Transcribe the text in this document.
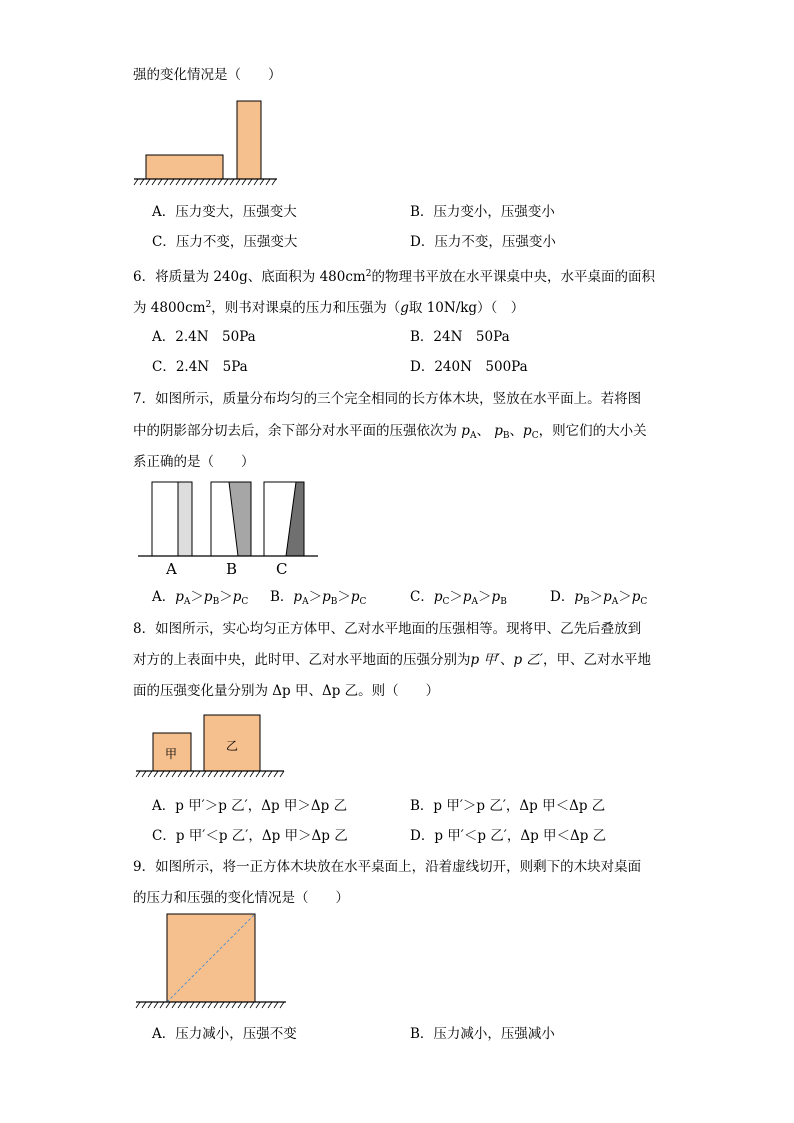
强的变化情况是（　　）
A．压力变大，压强变大	B．压力变小，压强变小
C．压力不变，压强变大	D．压力不变，压强变小
6．将质量为 240g、底面积为 $480cm^2$的物理书平放在水平课桌中央，水平桌面的面积
为 $4800cm^2$，则书对课桌的压力和压强为（g取 10N/kg）（　）
A．2.4N　50Pa	B．24N　50Pa
C．2.4N　5Pa	D．240N　500Pa
7．如图所示，质量分布均匀的三个完全相同的长方体木块，竖放在水平面上。若将图
中的阴影部分切去后，余下部分对水平面的压强依次为 $p_A$、 $p_B$、$p_C$，则它们的大小关
系正确的是（　　）
A	B	C
A．$p_A>p_B>p_C$ B．$p_A>p_B>p_C$	C．$p_C>p_A>p_B$	D．$p_B>p_A>p_C$
8．如图所示，实心均匀正方体甲、乙对水平地面的压强相等。现将甲、乙先后叠放到
对方的上表面中央，此时甲、乙对水平地面的压强分别为p 甲′、p 乙′，甲、乙对水平地
面的压强变化量分别为 Δp 甲、Δp 乙。则（　　）
甲
乙
A．p 甲′＞p 乙′，Δp 甲＞Δp 乙	B．p 甲′＞p 乙′，Δp 甲＜Δp 乙
C．p 甲′＜p 乙′，Δp 甲＞Δp 乙	D．p 甲′＜p 乙′，Δp 甲＜Δp 乙
9．如图所示，将一正方体木块放在水平桌面上，沿着虚线切开，则剩下的木块对桌面
的压力和压强的变化情况是（　　）
A．压力减小，压强不变	B．压力减小，压强减小
